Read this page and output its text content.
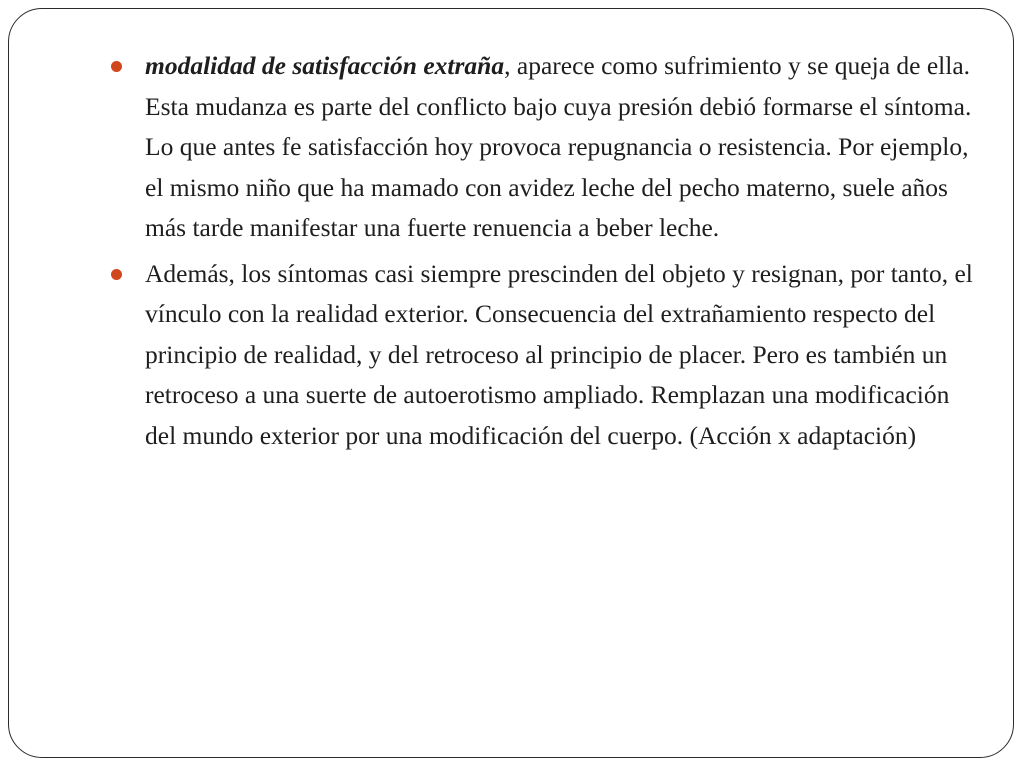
modalidad de satisfacción extraña, aparece como sufrimiento y se queja de ella. Esta mudanza es parte del conflicto bajo cuya presión debió formarse el síntoma. Lo que antes fe satisfacción hoy provoca repugnancia o resistencia. Por ejemplo, el mismo niño que ha mamado con avidez leche del pecho materno, suele años más tarde manifestar una fuerte renuencia a beber leche.
Además, los síntomas casi siempre prescinden del objeto y resignan, por tanto, el vínculo con la realidad exterior. Consecuencia del extrañamiento respecto del principio de realidad, y del retroceso al principio de placer. Pero es también un retroceso a una suerte de autoerotismo ampliado. Remplazan una modificación del mundo exterior por una modificación del cuerpo. (Acción x adaptación)
